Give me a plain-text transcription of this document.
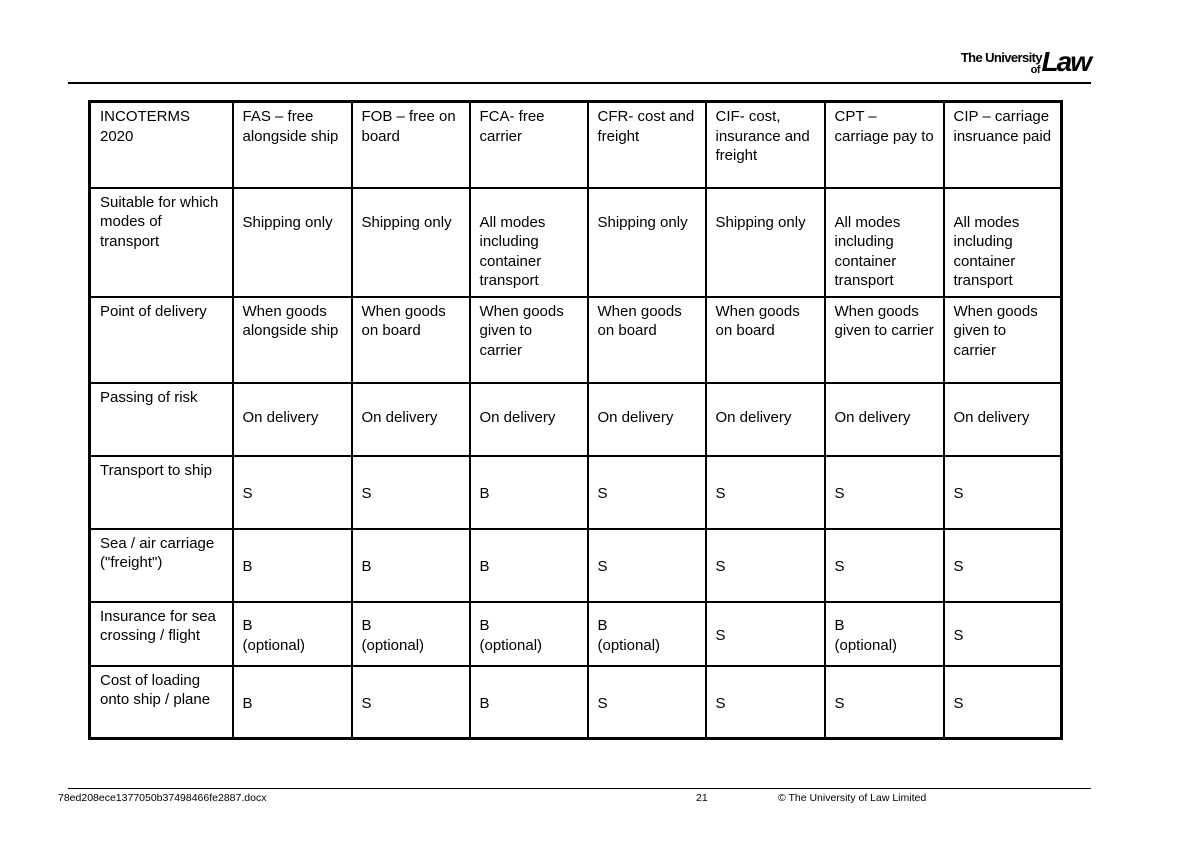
The University
of Law
INCOTERMS 2020	FAS – free alongside ship	FOB – free on board	FCA- free carrier	CFR- cost and freight	CIF- cost, insurance and freight	CPT – carriage pay to	CIP – carriage insruance paid
Suitable for which modes of transport	Shipping only	Shipping only	All modes including container transport	Shipping only	Shipping only	All modes including container transport	All modes including container transport
Point of delivery	When goods alongside ship	When goods on board	When goods given to carrier	When goods on board	When goods on board	When goods given to carrier	When goods given to carrier
Passing of risk	On delivery	On delivery	On delivery	On delivery	On delivery	On delivery	On delivery
Transport to ship	S	S	B	S	S	S	S
Sea / air carriage ("freight")	B	B	B	S	S	S	S
Insurance for sea crossing / flight	B (optional)	B (optional)	B (optional)	B (optional)	S	B (optional)	S
Cost of loading onto ship / plane	B	S	B	S	S	S	S
78ed208ece1377050b37498466fe2887.docx	21	© The University of Law Limited
